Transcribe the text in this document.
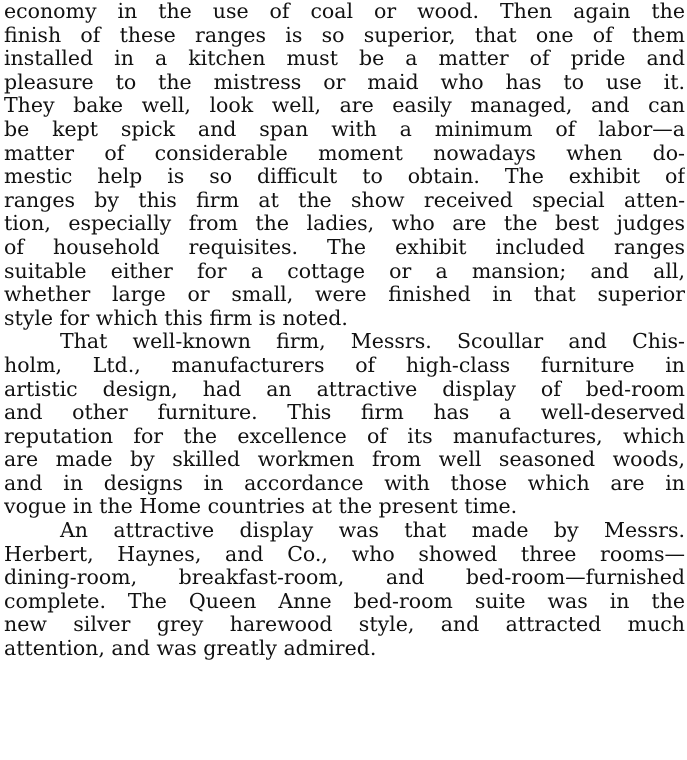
economy in the use of coal or wood. Then again the
finish of these ranges is so superior, that one of them
installed in a kitchen must be a matter of pride and
pleasure to the mistress or maid who has to use it.
They bake well, look well, are easily managed, and can
be kept spick and span with a minimum of labor—a
matter of considerable moment nowadays when do-
mestic help is so difficult to obtain. The exhibit of
ranges by this firm at the show received special atten-
tion, especially from the ladies, who are the best judges
of household requisites. The exhibit included ranges
suitable either for a cottage or a mansion; and all,
whether large or small, were finished in that superior
style for which this firm is noted.
That well-known firm, Messrs. Scoullar and Chis-
holm, Ltd., manufacturers of high-class furniture in
artistic design, had an attractive display of bed-room
and other furniture. This firm has a well-deserved
reputation for the excellence of its manufactures, which
are made by skilled workmen from well seasoned woods,
and in designs in accordance with those which are in
vogue in the Home countries at the present time.
An attractive display was that made by Messrs.
Herbert, Haynes, and Co., who showed three rooms—
dining-room, breakfast-room, and bed-room—furnished
complete. The Queen Anne bed-room suite was in the
new silver grey harewood style, and attracted much
attention, and was greatly admired.
